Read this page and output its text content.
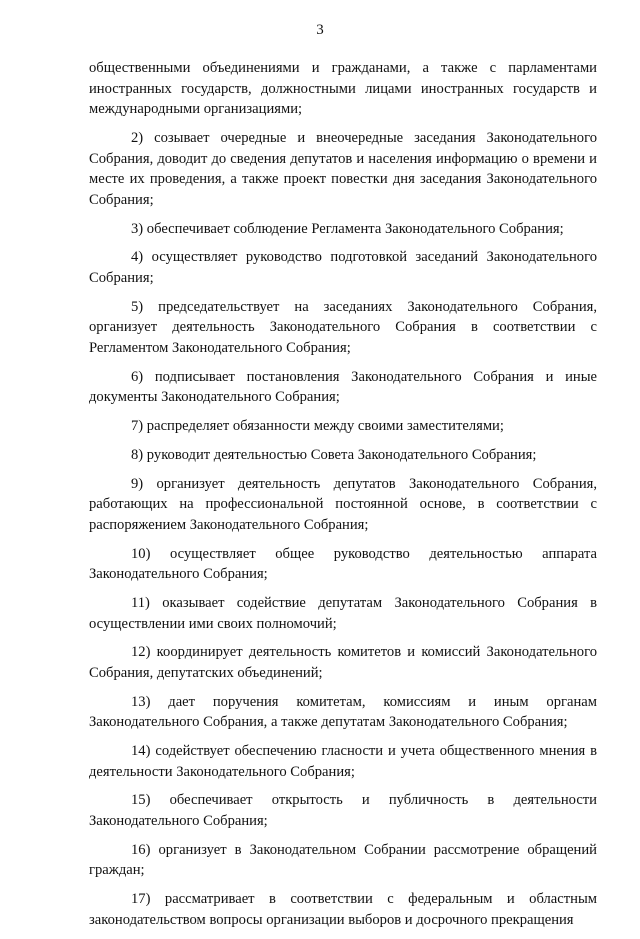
3

общественными объединениями и гражданами, а также с парламентами иностранных государств, должностными лицами иностранных государств и международными организациями;

2) созывает очередные и внеочередные заседания Законодательного Собрания, доводит до сведения депутатов и населения информацию о времени и месте их проведения, а также проект повестки дня заседания Законодательного Собрания;

3) обеспечивает соблюдение Регламента Законодательного Собрания;

4) осуществляет руководство подготовкой заседаний Законодательного Собрания;

5) председательствует на заседаниях Законодательного Собрания, организует деятельность Законодательного Собрания в соответствии с Регламентом Законодательного Собрания;

6) подписывает постановления Законодательного Собрания и иные документы Законодательного Собрания;

7) распределяет обязанности между своими заместителями;

8) руководит деятельностью Совета Законодательного Собрания;

9) организует деятельность депутатов Законодательного Собрания, работающих на профессиональной постоянной основе, в соответствии с распоряжением Законодательного Собрания;

10) осуществляет общее руководство деятельностью аппарата Законодательного Собрания;

11) оказывает содействие депутатам Законодательного Собрания в осуществлении ими своих полномочий;

12) координирует деятельность комитетов и комиссий Законодательного Собрания, депутатских объединений;

13) дает поручения комитетам, комиссиям и иным органам Законодательного Собрания, а также депутатам Законодательного Собрания;

14) содействует обеспечению гласности и учета общественного мнения в деятельности Законодательного Собрания;

15) обеспечивает открытость и публичность в деятельности Законодательного Собрания;

16) организует в Законодательном Собрании рассмотрение обращений граждан;

17) рассматривает в соответствии с федеральным и областным законодательством вопросы организации выборов и досрочного прекращения
